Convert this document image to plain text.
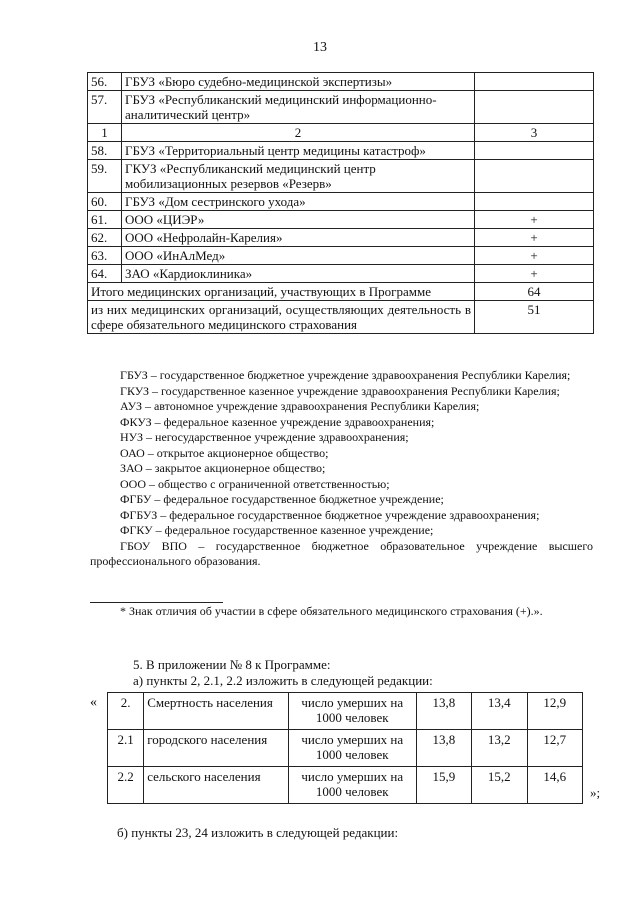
13
56.	ГБУЗ «Бюро судебно-медицинской экспертизы»	
57.	ГБУЗ «Республиканский медицинский информационно-аналитический центр»	
1	2	3
58.	ГБУЗ «Территориальный центр медицины катастроф»	
59.	ГКУЗ «Республиканский медицинский центр мобилизационных резервов «Резерв»	
60.	ГБУЗ «Дом сестринского ухода»	
61.	ООО «ЦИЭР»	+
62.	ООО «Нефролайн-Карелия»	+
63.	ООО «ИнАлМед»	+
64.	ЗАО «Кардиоклиника»	+
Итого медицинских организаций, участвующих в Программе		64
из них медицинских организаций, осуществляющих деятельность в сфере обязательного медицинского страхования		51

ГБУЗ – государственное бюджетное учреждение здравоохранения Республики Карелия;

ГКУЗ – государственное казенное учреждение здравоохранения Республики Карелия;

АУЗ – автономное учреждение здравоохранения Республики Карелия;

ФКУЗ – федеральное казенное учреждение здравоохранения;

НУЗ – негосударственное учреждение здравоохранения;

ОАО – открытое акционерное общество;

ЗАО – закрытое акционерное общество;

ООО – общество с ограниченной ответственностью;

ФГБУ – федеральное государственное бюджетное учреждение;

ФГБУЗ – федеральное государственное бюджетное учреждение здравоохранения;

ФГКУ – федеральное государственное казенное учреждение;

ГБОУ ВПО – государственное бюджетное образовательное учреждение высшего профессионального образования.

* Знак отличия об участии в сфере обязательного медицинского страхования (+).».
5. В приложении № 8 к Программе:
а) пункты 2, 2.1, 2.2 изложить в следующей редакции:
« 2.	Смертность населения	число умерших на 1000 человек	13,8	13,4	12,9
2.1	городского населения	число умерших на 1000 человек	13,8	13,2	12,7
2.2	сельского населения	число умерших на 1000 человек	15,9	15,2	14,6
»;
б) пункты 23, 24 изложить в следующей редакции:
